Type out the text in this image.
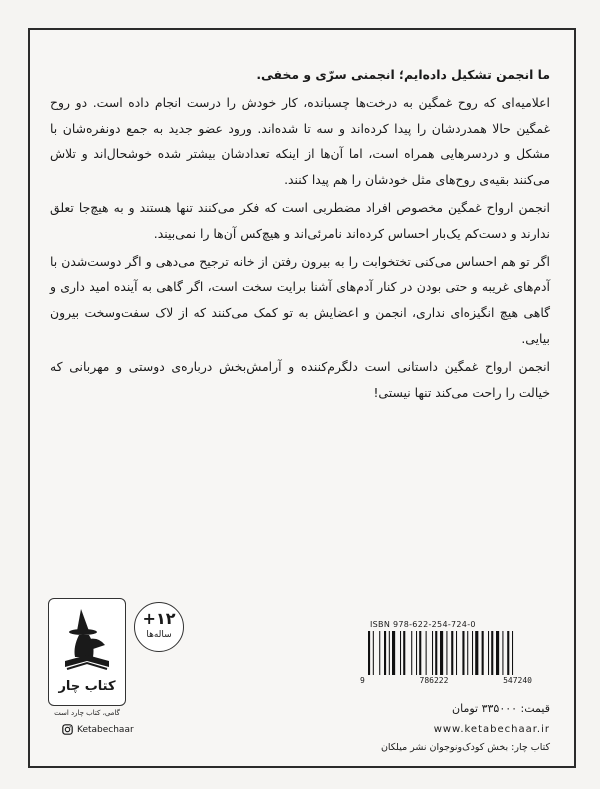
ما انجمن تشکیل داده‌ایم؛ انجمنی سرّی و مخفی.

اعلامیه‌ای که روح غمگین به درخت‌ها چسبانده، کار خودش را درست انجام داده است. دو روح غمگین حالا همدردشان را پیدا کرده‌اند و سه تا شده‌اند. ورود عضو جدید به جمع دونفره‌شان با مشکل و دردسرهایی همراه است، اما آن‌ها از اینکه تعدادشان بیشتر شده خوشحال‌اند و تلاش می‌کنند بقیه‌ی روح‌های مثل خودشان را هم پیدا کنند.

انجمن ارواح غمگین مخصوص افراد مضطربی است که فکر می‌کنند تنها هستند و به هیچ‌جا تعلق ندارند و دست‌کم یک‌بار احساس کرده‌اند نامرئی‌اند و هیچ‌کس آن‌ها را نمی‌بیند.

اگر تو هم احساس می‌کنی تختخوابت را به بیرون رفتن از خانه ترجیح می‌دهی و اگر دوست‌شدن با آدم‌های غریبه و حتی بودن در کنار آدم‌های آشنا برایت سخت است، اگر گاهی به آینده امید داری و گاهی هیچ انگیزه‌ای نداری، انجمن و اعضایش به تو کمک می‌کنند که از لاک سفت‌وسخت بیرون بیایی.

انجمن ارواح غمگین داستانی است دلگرم‌کننده و آرامش‌بخش درباره‌ی دوستی و مهربانی که خیالت را راحت می‌کند تنها نیستی!

کتاب چار
گامی، کتاب چارد است
۱۲+
ساله‌ها
ISBN 978-622-254-724-0
9	786222	547240
قیمت: ۳۳۵۰۰۰ تومان
Ketabechaar	www.ketabechaar.ir
کتاب چار: بخش کودک‌ونوجوان نشر میلکان
